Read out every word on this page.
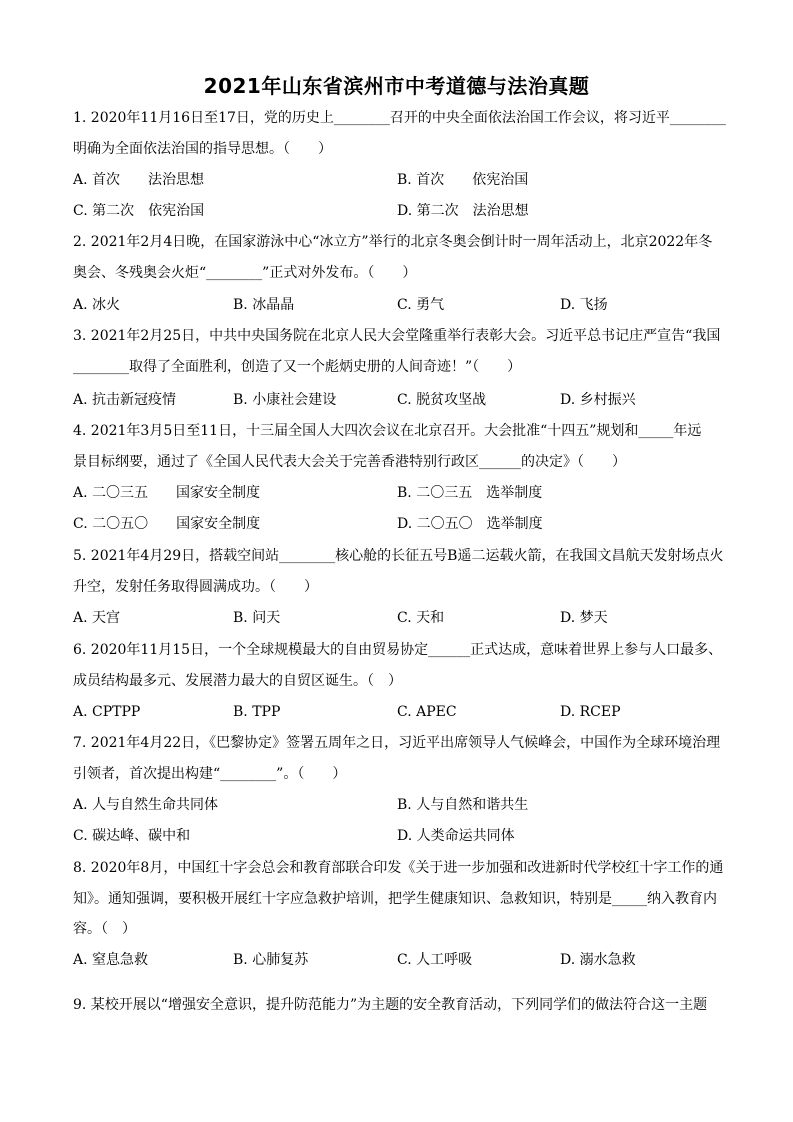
2021年山东省滨州市中考道德与法治真题
1. 2020年11月16日至17日，党的历史上________召开的中央全面依法治国工作会议，将习近平________
明确为全面依法治国的指导思想。（　　）
A. 首次　　法治思想	B. 首次　　依宪治国
C. 第二次　依宪治国	D. 第二次　法治思想
2. 2021年2月4日晚，在国家游泳中心“冰立方”举行的北京冬奥会倒计时一周年活动上，北京2022年冬
奥会、冬残奥会火炬“________”正式对外发布。（　　）
A. 冰火	B. 冰晶晶	C. 勇气	D. 飞扬
3. 2021年2月25日，中共中央国务院在北京人民大会堂隆重举行表彰大会。习近平总书记庄严宣告“我国
________取得了全面胜利，创造了又一个彪炳史册的人间奇迹！”（　　）
A. 抗击新冠疫情	B. 小康社会建设	C. 脱贫攻坚战	D. 乡村振兴
4. 2021年3月5日至11日，十三届全国人大四次会议在北京召开。大会批准“十四五”规划和_____年远
景目标纲要，通过了《全国人民代表大会关于完善香港特别行政区______的决定》（　　）
A. 二〇三五　　国家安全制度	B. 二〇三五　选举制度
C. 二〇五〇　　国家安全制度	D. 二〇五〇　选举制度
5. 2021年4月29日，搭载空间站________核心舱的长征五号B遥二运载火箭，在我国文昌航天发射场点火
升空，发射任务取得圆满成功。（　　）
A. 天宫	B. 问天	C. 天和	D. 梦天
6. 2020年11月15日，一个全球规模最大的自由贸易协定______正式达成，意味着世界上参与人口最多、
成员结构最多元、发展潜力最大的自贸区诞生。（　）
A. CPTPP	B. TPP	C. APEC	D. RCEP
7. 2021年4月22日，《巴黎协定》签署五周年之日，习近平出席领导人气候峰会，中国作为全球环境治理
引领者，首次提出构建“________”。（　　）
A. 人与自然生命共同体	B. 人与自然和谐共生
C. 碳达峰、碳中和	D. 人类命运共同体
8. 2020年8月，中国红十字会总会和教育部联合印发《关于进一步加强和改进新时代学校红十字工作的通
知》。通知强调，要积极开展红十字应急救护培训，把学生健康知识、急救知识，特别是_____纳入教育内
容。（　）
A. 窒息急救	B. 心肺复苏	C. 人工呼吸	D. 溺水急救
9. 某校开展以“增强安全意识，提升防范能力”为主题的安全教育活动，下列同学们的做法符合这一主题
